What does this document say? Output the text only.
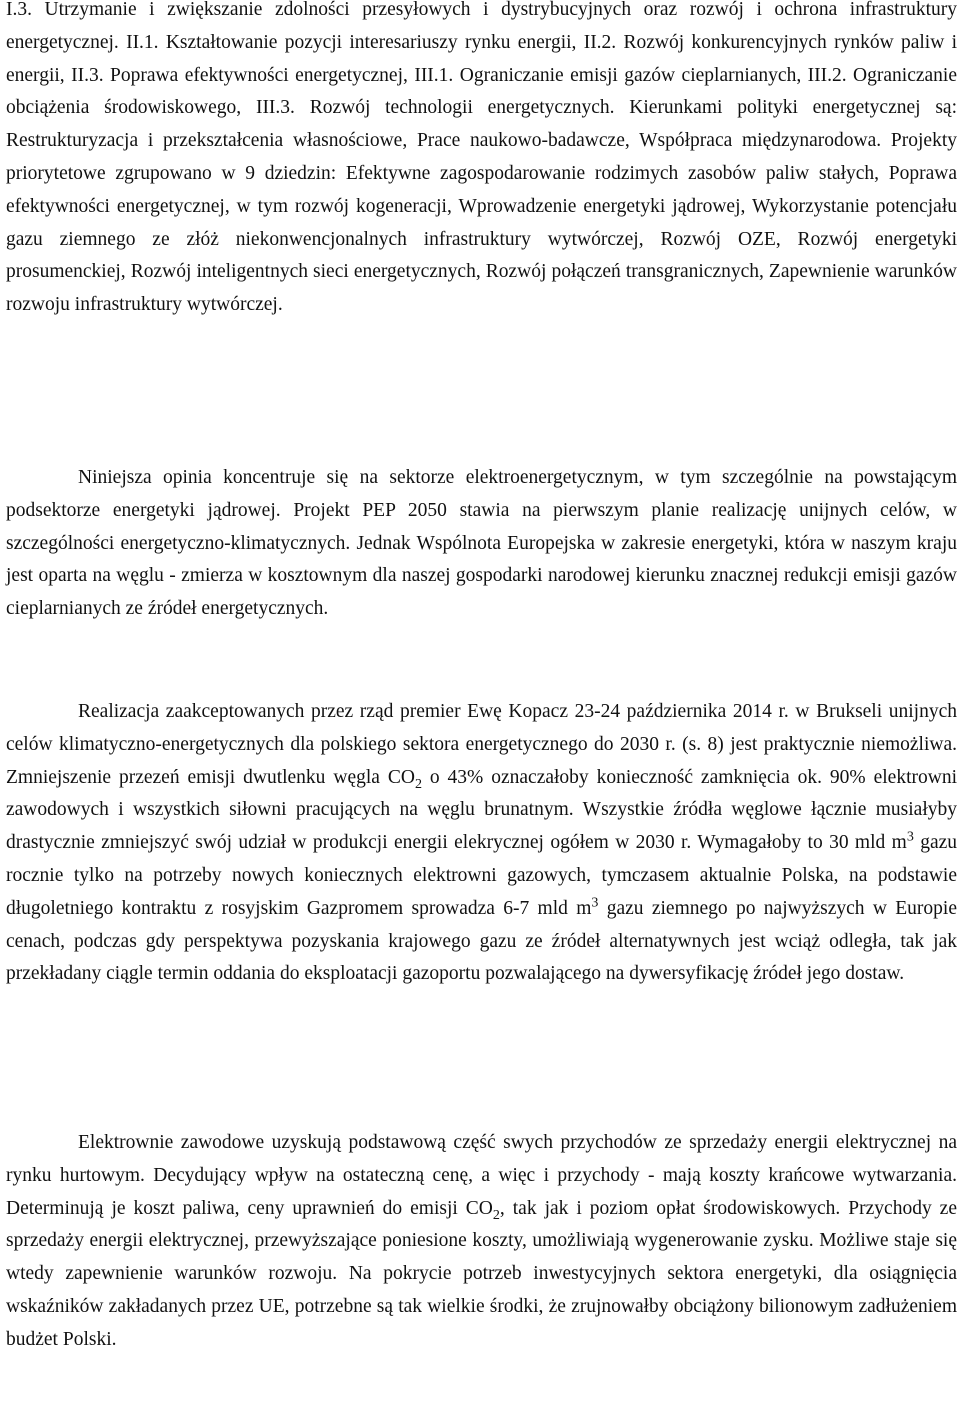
I.3. Utrzymanie i zwiększanie zdolności przesyłowych i dystrybucyjnych oraz rozwój i ochrona infrastruktury energetycznej. II.1. Kształtowanie pozycji interesariuszy rynku energii, II.2. Rozwój konkurencyjnych rynków paliw i energii, II.3. Poprawa efektywności energetycznej, III.1. Ograniczanie emisji gazów cieplarnianych, III.2. Ograniczanie obciążenia środowiskowego, III.3. Rozwój technologii energetycznych. Kierunkami polityki energetycznej są: Restrukturyzacja i przekształcenia własnościowe, Prace naukowo-badawcze, Współpraca międzynarodowa. Projekty priorytetowe zgrupowano w 9 dziedzin: Efektywne zagospodarowanie rodzimych zasobów paliw stałych, Poprawa efektywności energetycznej, w tym rozwój kogeneracji, Wprowadzenie energetyki jądrowej, Wykorzystanie potencjału gazu ziemnego ze złóż niekonwencjonalnych infrastruktury wytwórczej, Rozwój OZE, Rozwój energetyki prosumenckiej, Rozwój inteligentnych sieci energetycznych, Rozwój połączeń transgranicznych, Zapewnienie warunków rozwoju infrastruktury wytwórczej.

Niniejsza opinia koncentruje się na sektorze elektroenergetycznym, w tym szczególnie na powstającym podsektorze energetyki jądrowej. Projekt PEP 2050 stawia na pierwszym planie realizację unijnych celów, w szczególności energetyczno-klimatycznych. Jednak Wspólnota Europejska w zakresie energetyki, która w naszym kraju jest oparta na węglu - zmierza w kosztownym dla naszej gospodarki narodowej kierunku znacznej redukcji emisji gazów cieplarnianych ze źródeł energetycznych.

Realizacja zaakceptowanych przez rząd premier Ewę Kopacz 23-24 października 2014 r. w Brukseli unijnych celów klimatyczno-energetycznych dla polskiego sektora energetycznego do 2030 r. (s. 8) jest praktycznie niemożliwa. Zmniejszenie przezeń emisji dwutlenku węgla $CO_2$ o 43% oznaczałoby konieczność zamknięcia ok. 90% elektrowni zawodowych i wszystkich siłowni pracujących na węglu brunatnym. Wszystkie źródła węglowe łącznie musiałyby drastycznie zmniejszyć swój udział w produkcji energii elekrycznej ogółem w 2030 r. Wymagałoby to 30 mld $m^3$ gazu rocznie tylko na potrzeby nowych koniecznych elektrowni gazowych, tymczasem aktualnie Polska, na podstawie długoletniego kontraktu z rosyjskim Gazpromem sprowadza 6-7 mld $m^3$ gazu ziemnego po najwyższych w Europie cenach, podczas gdy perspektywa pozyskania krajowego gazu ze źródeł alternatywnych jest wciąż odległa, tak jak przekładany ciągle termin oddania do eksploatacji gazoportu pozwalającego na dywersyfikację źródeł jego dostaw.

Elektrownie zawodowe uzyskują podstawową część swych przychodów ze sprzedaży energii elektrycznej na rynku hurtowym. Decydujący wpływ na ostateczną cenę, a więc i przychody - mają koszty krańcowe wytwarzania. Determinują je koszt paliwa, ceny uprawnień do emisji $CO_2$, tak jak i poziom opłat środowiskowych. Przychody ze sprzedaży energii elektrycznej, przewyższające poniesione koszty, umożliwiają wygenerowanie zysku. Możliwe staje się wtedy zapewnienie warunków rozwoju. Na pokrycie potrzeb inwestycyjnych sektora energetyki, dla osiągnięcia wskaźników zakładanych przez UE, potrzebne są tak wielkie środki, że zrujnowałby obciążony bilionowym zadłużeniem budżet Polski.
